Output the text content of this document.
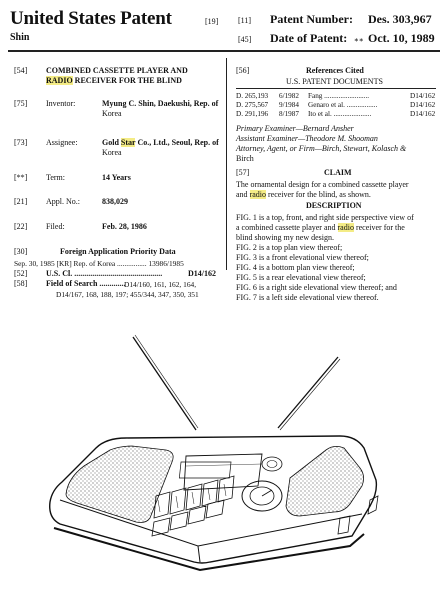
United States Patent	[19]
Shin
[11] Patent Number: Des. 303,967
[45] Date of Patent: ∗∗ Oct. 10, 1989
[54] COMBINED CASSETTE PLAYER AND
RADIO RECEIVER FOR THE BLIND
[75] Inventor:	Myung C. Shin, Daekushi, Rep. of
Korea
[73] Assignee:	Gold Star Co., Ltd., Seoul, Rep. of
Korea
[**] Term:	14 Years
[21] Appl. No.:	838,029
[22] Filed:	Feb. 28, 1986
[30]	Foreign Application Priority Data
Sep. 30, 1985 [KR] Rep. of Korea ................ 13986/1985
[52] U.S. Cl. ............................................	D14/162
[58] Field of Search .............
D14/160, 161, 162, 164,
D14/167, 168, 188, 197; 455/344, 347, 350, 351
[56]	References Cited
U.S. PATENT DOCUMENTS
D. 265,193 6/1982 Fang .........................	D14/162
D. 275,567 9/1984 Genaro et al. .................	D14/162
D. 291,196 8/1987 Ito et al. .....................	D14/162
Primary Examiner—Bernard Ansher
Assistant Examiner—Theodore M. Shooman
Attorney, Agent, or Firm—Birch, Stewart, Kolasch &
Birch
[57]	CLAIM
The ornamental design for a combined cassette player
and radio receiver for the blind, as shown.
DESCRIPTION
FIG. 1 is a top, front, and right side perspective view of
a combined cassette player and radio receiver for the
blind showing my new design.
FIG. 2 is a top plan view thereof;
FIG. 3 is a front elevational view thereof;
FIG. 4 is a bottom plan view thereof;
FIG. 5 is a rear elevational view thereof;
FIG. 6 is a right side elevational view thereof; and
FIG. 7 is a left side elevational view thereof.
